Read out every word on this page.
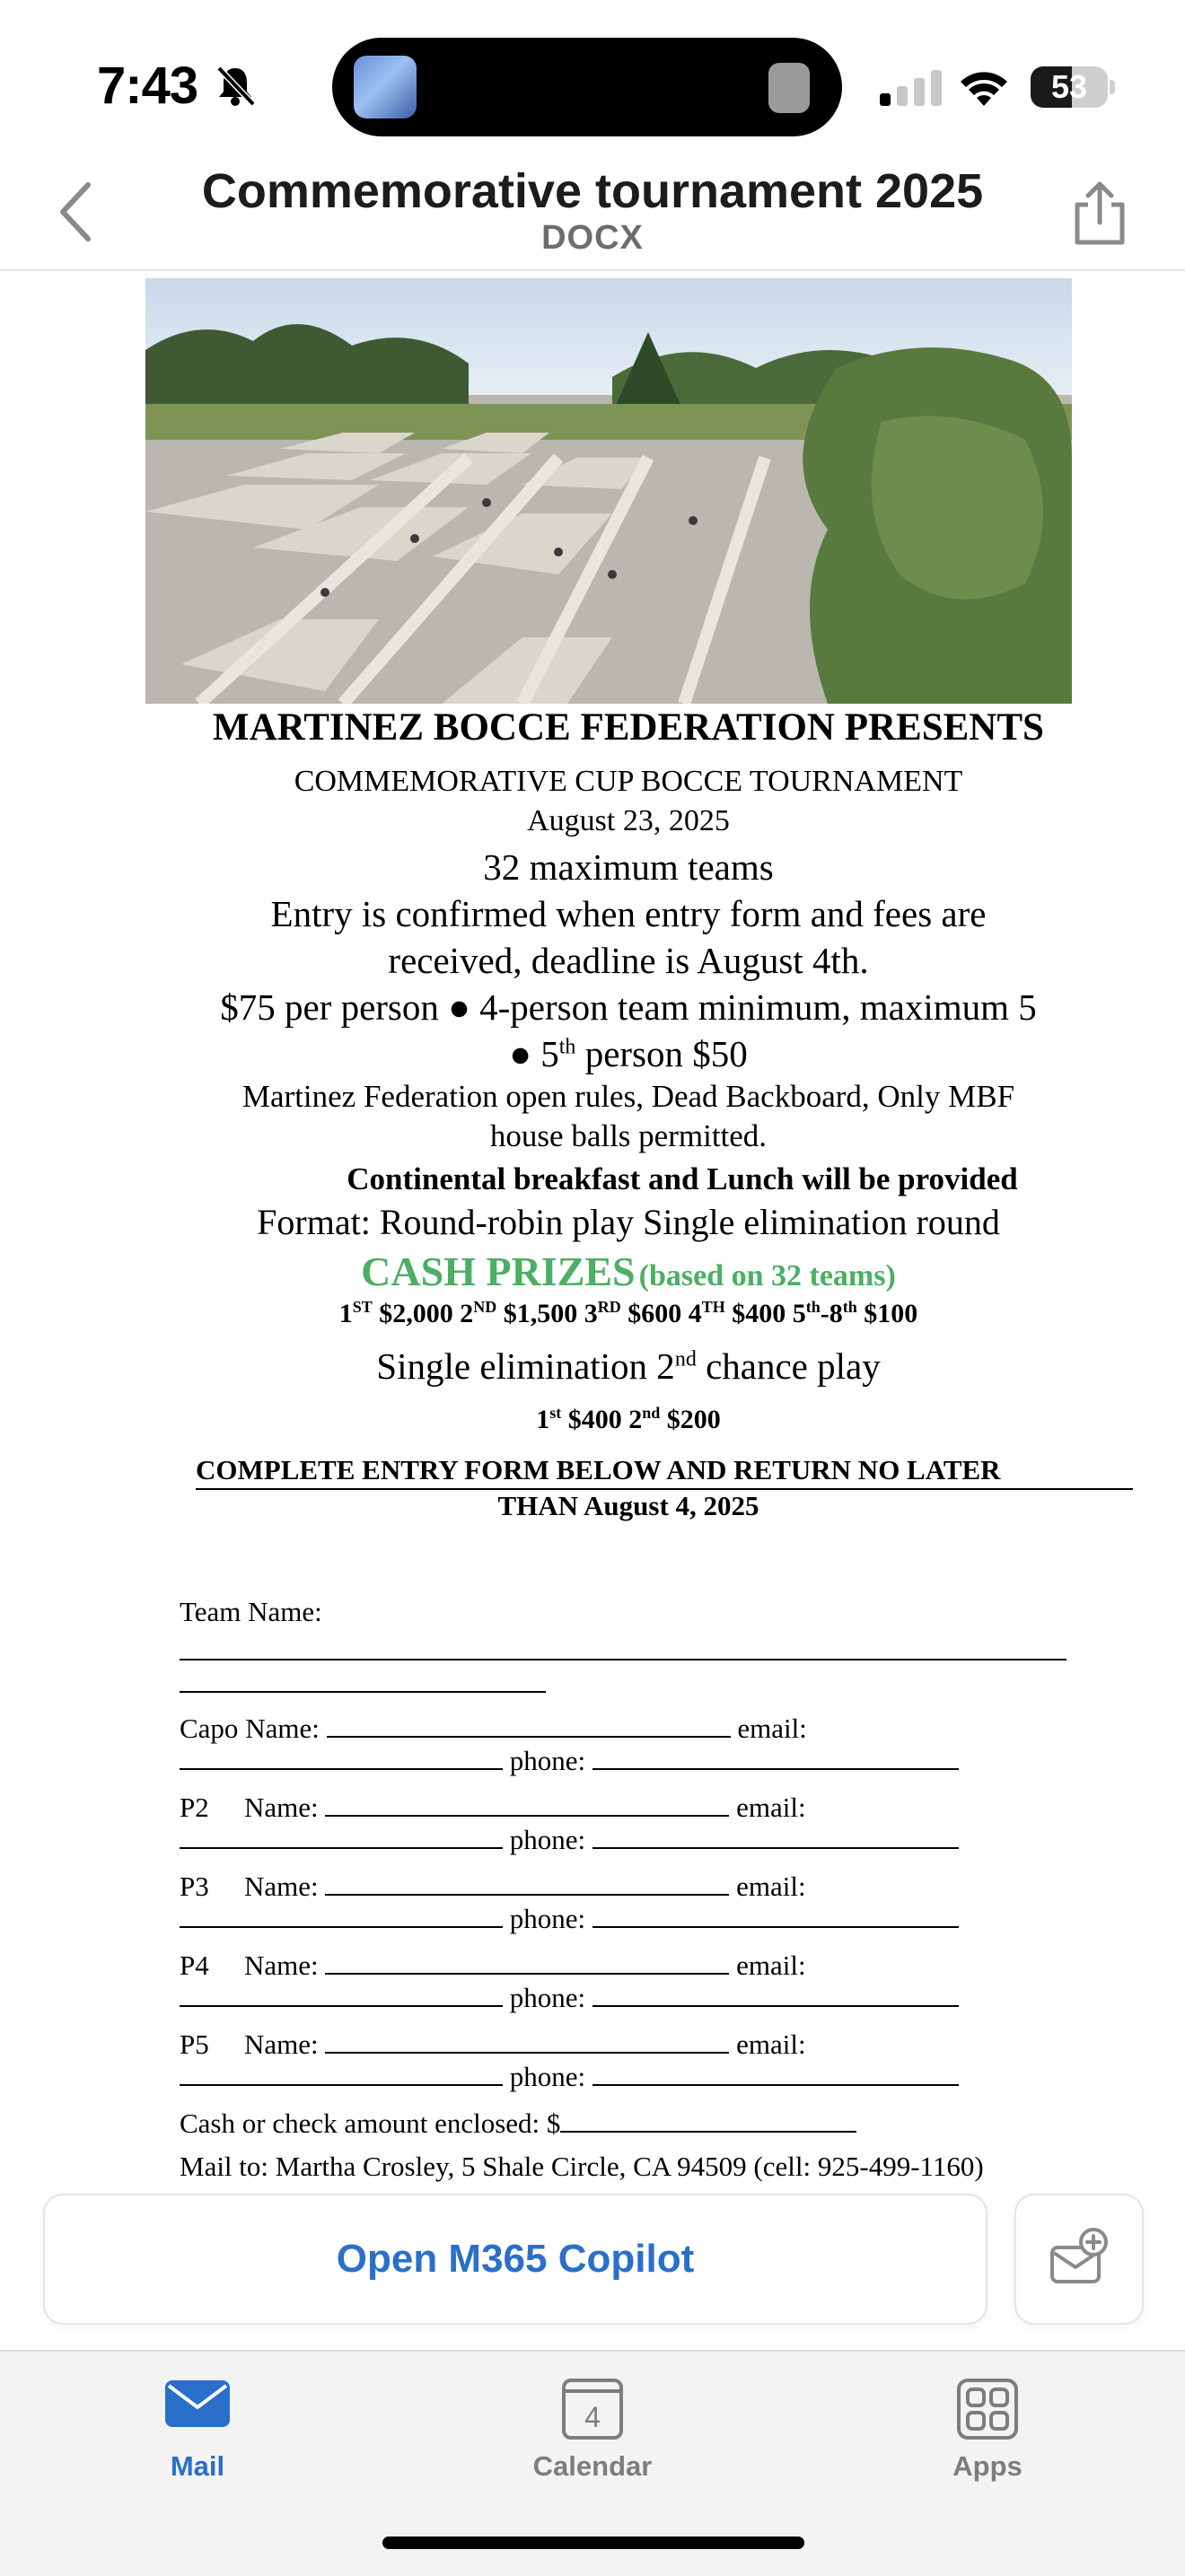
7:43	53
Commemorative tournament 2025
DOCX
MARTINEZ BOCCE FEDERATION PRESENTS
COMMEMORATIVE CUP BOCCE TOURNAMENT
August 23, 2025
32 maximum teams
Entry is confirmed when entry form and fees are
received, deadline is August 4th.
$75 per person ● 4-person team minimum, maximum 5
● 5th person $50
Martinez Federation open rules, Dead Backboard, Only MBF
house balls permitted.
Continental breakfast and Lunch will be provided
Format: Round-robin play Single elimination round
CASH PRIZES (based on 32 teams)
1ST $2,000 2ND $1,500 3RD $600 4TH $400 5th-8th $100
Single elimination 2nd chance play
1st $400 2nd $200
COMPLETE ENTRY FORM BELOW AND RETURN NO LATER
THAN August 4, 2025
Team Name:
Capo Name:	email:
phone:
P2 Name:	email:
phone:
P3 Name:	email:
phone:
P4 Name:	email:
phone:
P5 Name:	email:
phone:
Cash or check amount enclosed: $
Mail to: Martha Crosley, 5 Shale Circle, CA 94509 (cell: 925-499-1160)
Open M365 Copilot
Mail
4
Calendar	Apps
